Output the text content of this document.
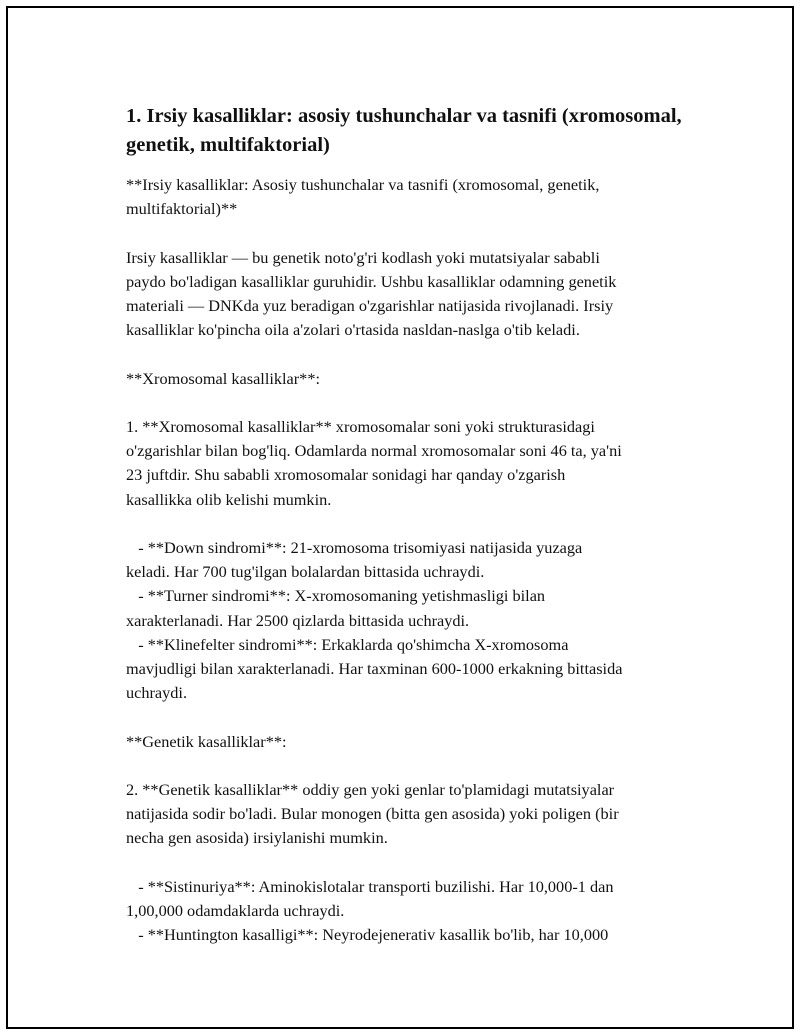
1. Irsiy kasalliklar: asosiy tushunchalar va tasnifi (xromosomal, genetik, multifaktorial)

**Irsiy kasalliklar: Asosiy tushunchalar va tasnifi (xromosomal, genetik,
multifaktorial)**

Irsiy kasalliklar — bu genetik noto'g'ri kodlash yoki mutatsiyalar sababli
paydo bo'ladigan kasalliklar guruhidir. Ushbu kasalliklar odamning genetik
materiali — DNKda yuz beradigan o'zgarishlar natijasida rivojlanadi. Irsiy
kasalliklar ko'pincha oila a'zolari o'rtasida nasldan-naslga o'tib keladi.

**Xromosomal kasalliklar**:

1. **Xromosomal kasalliklar** xromosomalar soni yoki strukturasidagi
o'zgarishlar bilan bog'liq. Odamlarda normal xromosomalar soni 46 ta, ya'ni
23 juftdir. Shu sababli xromosomalar sonidagi har qanday o'zgarish
kasallikka olib kelishi mumkin.

- **Down sindromi**: 21-xromosoma trisomiyasi natijasida yuzaga
keladi. Har 700 tug'ilgan bolalardan bittasida uchraydi.
- **Turner sindromi**: X-xromosomaning yetishmasligi bilan
xarakterlanadi. Har 2500 qizlarda bittasida uchraydi.
- **Klinefelter sindromi**: Erkaklarda qo'shimcha X-xromosoma
mavjudligi bilan xarakterlanadi. Har taxminan 600-1000 erkakning bittasida
uchraydi.

**Genetik kasalliklar**:

2. **Genetik kasalliklar** oddiy gen yoki genlar to'plamidagi mutatsiyalar
natijasida sodir bo'ladi. Bular monogen (bitta gen asosida) yoki poligen (bir
necha gen asosida) irsiylanishi mumkin.

- **Sistinuriya**: Aminokislotalar transporti buzilishi. Har 10,000-1 dan
1,00,000 odamdaklarda uchraydi.
- **Huntington kasalligi**: Neyrodejenerativ kasallik bo'lib, har 10,000
